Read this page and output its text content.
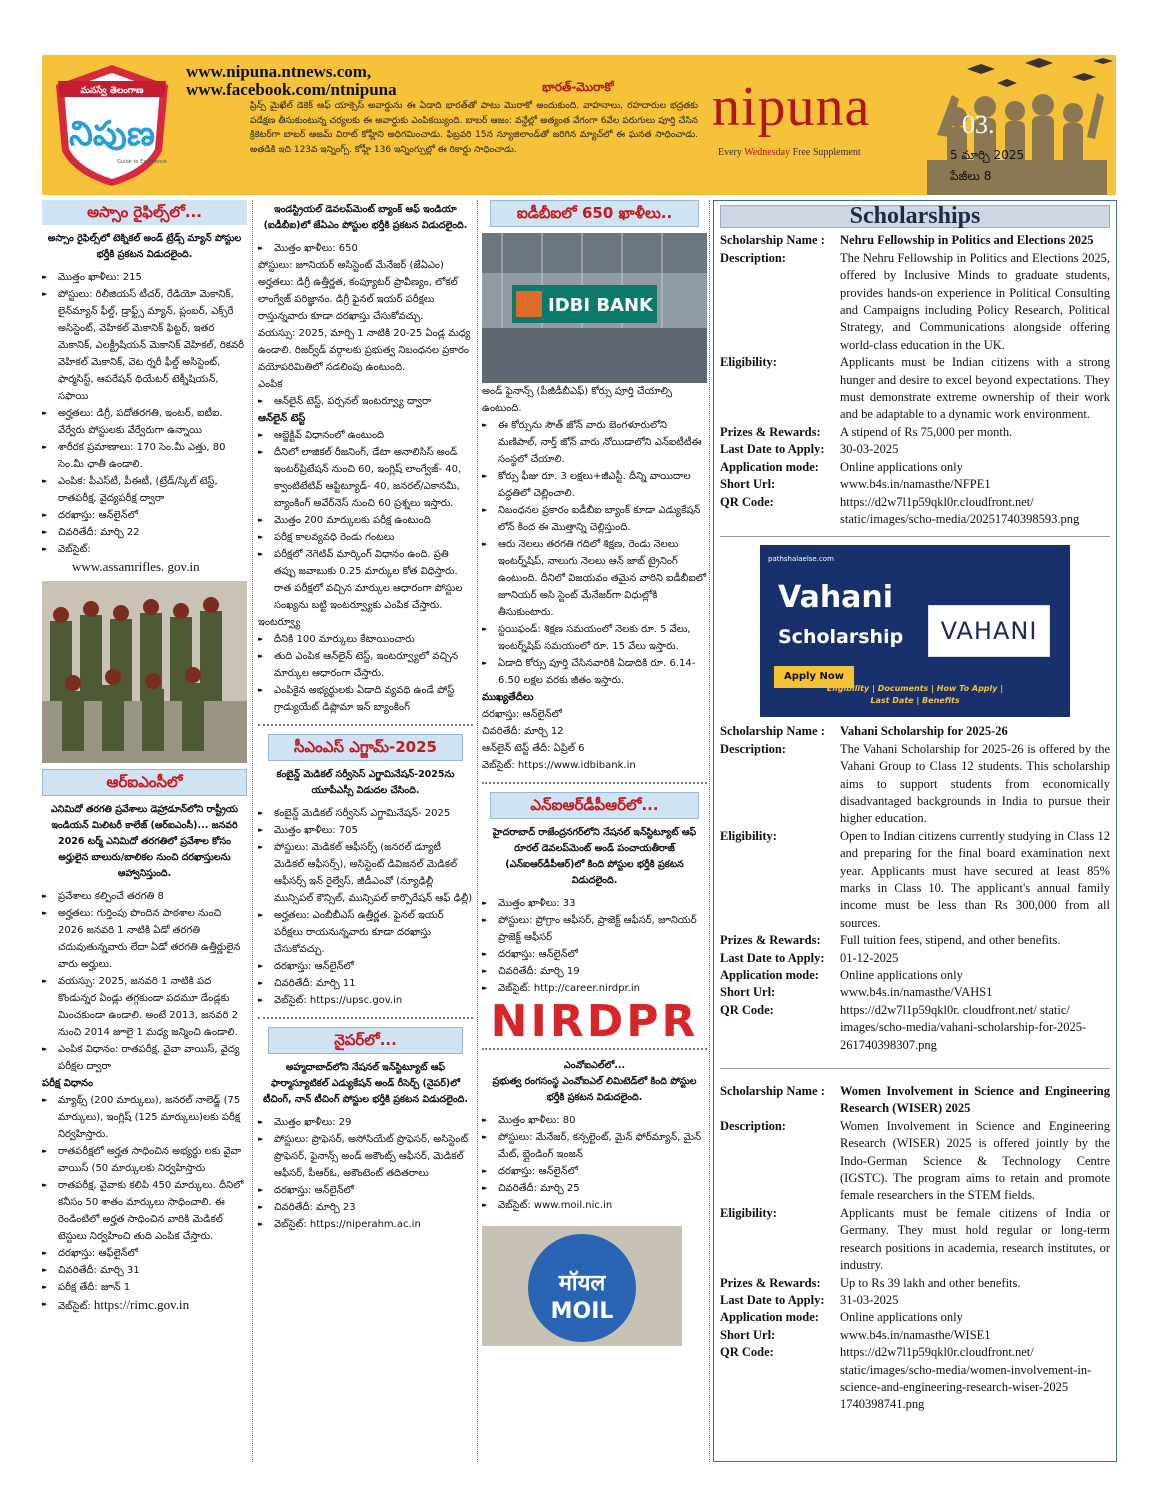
మనస్వే తెలంగాణ
నిపుణ
Guide to Excellence
www.nipuna.ntnews.com,
www.facebook.com/ntnipuna	భారత్-మొరాకో
ప్రిన్స్ మైఖేల్ డెకెక్ ఆఫ్ యాక్సెస్ అవార్డును ఈ ఏడాది భారత్‌తో పాటు మొరాకో అందుకుంది. వాహనాలు, రహదారుల భద్రతకు పడేక్షణ తీసుకుంటున్న చర్యలకు ఈ అవార్డుకు ఎంపికయ్యింది. బాబర్ ఆజం: వన్డేల్లో అత్యంత వేగంగా 6వేల పరుగులు పూర్తి చేసిన క్రికెటర్‌గా బాబర్ ఆజమ్ విరాట్ కోహ్లీని అధిగమించాడు. ఫిబ్రవరి 15న న్యూజిలాండ్‌తో జరిగిన మ్యాచ్‌లో ఈ ఘనత సాధించాడు. అతడికి ఇది 123వ ఇన్నింగ్స్. కోహ్లీ 136 ఇన్నింగ్సుల్లో ఈ రికార్డు సాధించాడు.
nipuna
Every Wednesday Free Supplement
03.
5 మార్చి 2025
పేజీలు 8
అస్సాం రైఫిల్స్‌లో...
అస్సాం రైఫిల్స్‌లో టెక్నికల్ అండ్ ట్రేడ్స్ మ్యాన్ పోస్టుల భర్తీకి ప్రకటన విడుదలైంది.
▸▸ మొత్తం ఖాళీలు: 215
▸▸ పోస్టులు: రిలీజియస్ టీచర్, రేడియో మెకానిక్, లైన్‌మ్యాన్ ఫీల్డ్, డ్రాఫ్ట్స్ మ్యాన్, ప్లంబర్, ఎక్స్‌రే అసిస్టెంట్, వెహికల్ మెకానిక్ ఫిట్టర్, ఇతర మెకానిక్, ఎలక్ట్రీషియన్ మెకానిక్ వెహికల్, రికవరీ వెహికల్ మెకానిక్, వెట ర్నరీ ఫీల్డ్ అసిస్టెంట్, ఫార్మసిస్ట్, ఆపరేషన్ థియేటర్ టెక్నీషియన్, సఫాయి
▸▸ అర్హతలు: డిగ్రీ, పదోతరగతి, ఇంటర్, ఐటీఐ. వేర్వేరు పోస్టులకు వేర్వేరుగా ఉన్నాయి
▸▸ శారీరక ప్రమాణాలు: 170 సెం.మీ ఎత్తు, 80 సెం.మీ ఛాతీ ఉండాలి.
▸▸ ఎంపిక: పీఎస్‌టీ, పీఈటీ, (ట్రేడ్/స్కిల్ టెస్ట్, రాతపరీక్ష, వైద్యపరీక్ష ద్వారా
▸▸ దరఖాస్తు: ఆన్‌లైన్‌లో
▸▸ చివరితేదీ: మార్చి 22
▸▸ వెబ్‌సైట్:
www.assamrifles. gov.in
ఆర్‌ఐఎంసీలో
ఎనిమిదో తరగతి ప్రవేశాలు డెహ్రాడూన్‌లోని రాష్ట్రీయ ఇండియన్ మిలిటరీ కాలేజ్ (ఆర్ఐఎంసీ)... జనవరి 2026 టర్మ్ ఎనిమిదో తరగతిలో ప్రవేశాల కోసం అర్హులైన బాలురు/బాలికల నుంచి దరఖాస్తులను ఆహ్వానిస్తుంది.
▸▸ ప్రవేశాలు కల్పించే తరగతి 8
▸▸ అర్హతలు: గుర్తింపు పొందిన పాఠశాల నుంచి 2026 జనవరి 1 నాటికి ఏడో తరగతి చదువుతున్నవారు లేదా ఏడో తరగతి ఉత్తీర్ణులైన వారు అర్హులు.
▸▸ వయస్సు: 2025, జనవరి 1 నాటికి పద కొండున్నర ఏండ్లు తగ్గకుండా పదమూ డేండ్లకు మించకుండా ఉండాలి. అంటే 2013, జనవరి 2 నుంచి 2014 జూలై 1 మధ్య జన్మించి ఉండాలి.
▸▸ ఎంపిక విధానం: రాతపరీక్ష, వైవా వాయిస్, వైద్య పరీక్షల ద్వారా
పరీక్ష విధానం
▸▸ మ్యాథ్స్ (200 మార్కులు), జనరల్ నాలెడ్జ్ (75 మార్కులు), ఇంగ్లిష్ (125 మార్కులు)లకు పరీక్ష నిర్వహిస్తారు.
▸▸ రాతపరీక్షలో అర్హత సాధించిన అభ్యర్థు లకు వైవా వాయిస్ (50 మార్కులకు నిర్వహిస్తారు
▸▸ రాతపరీక్ష, వైవాకు కలిపి 450 మార్కులు. దీనిలో కనీసం 50 శాతం మార్కులు సాధించాలి. ఈ రెండింటిలో అర్హత సాధించిన వారికి మెడికల్ టెస్టులు నిర్వహించి తుది ఎంపిక చేస్తారు.
▸▸ దరఖాస్తు: ఆఫ్‌లైన్‌లో
▸▸ చివరితేదీ: మార్చి 31
▸▸ పరీక్ష తేదీ: జూన్ 1
▸▸ వెబ్‌సైట్: https://rimc.gov.in
ఇండస్ట్రియల్ డెవలప్‌మెంట్ బ్యాంక్ ఆఫ్ ఇండియా (ఐడీబీఐ)లో జేఏఎం పోస్టుల భర్తీకి ప్రకటన విడుదలైంది.
▸▸ మొత్తం ఖాళీలు: 650
పోస్టులు: జూనియర్ అసిస్టెంట్ మేనేజర్ (జేఏఎం)
అర్హతలు: డిగ్రీ ఉత్తీర్ణత, కంప్యూటర్ ప్రావీణ్యం, లోకల్ లాంగ్వేజ్ పరిజ్ఞానం. డిగ్రీ ఫైనల్ ఇయర్ పరీక్షలు రాస్తున్నవారు కూడా దరఖాస్తు చేసుకోవచ్చు.
వయస్సు: 2025, మార్చి 1 నాటికి 20-25 ఏండ్ల మధ్య ఉండాలి. రిజర్వ్‌డ్ వర్గాలకు ప్రభుత్వ నిబంధనల ప్రకారం వయోపరిమితిలో సడలింపు ఉంటుంది.
ఎంపిక
▸▸ ఆన్‌లైన్ టెస్ట్, పర్సనల్ ఇంటర్వ్యూ ద్వారా
ఆన్‌లైన్ టెస్ట్
▸▸ ఆబ్జెక్టివ్ విధానంలో ఉంటుంది
▸▸ దీనిలో లాజికల్ రీజనింగ్, డేటా అనాలిసిస్ అండ్ ఇంటర్‌ప్రిటేషన్ నుంచి 60, ఇంగ్లిష్ లాంగ్వేజ్- 40, క్వాంటిటేటివ్ ఆప్టిట్యూడ్- 40, జనరల్/ఎకానమీ, బ్యాంకింగ్ అవేర్‌నెస్ నుంచి 60 ప్రశ్నలు ఇస్తారు.
▸▸ మొత్తం 200 మార్కులకు పరీక్ష ఉంటుంది
▸▸ పరీక్ష కాలవ్యవధి రెండు గంటలు
▸▸ పరీక్షలో నెగెటివ్ మార్కింగ్ విధానం ఉంది. ప్రతి తప్పు జవాబుకు 0.25 మార్కుల కోత విధిస్తారు. రాత పరీక్షలో వచ్చిన మార్కుల ఆధారంగా పోస్టుల సంఖ్యను బట్టి ఇంటర్వ్యూకు ఎంపిక చేస్తారు.
ఇంటర్వ్యూ
▸▸ దీనికి 100 మార్కులు కేటాయించారు
▸▸ తుది ఎంపిక ఆన్‌లైన్ టెస్ట్, ఇంటర్వ్యూలో వచ్చిన మార్కుల ఆధారంగా చేస్తారు.
▸▸ ఎంపికైన అభ్యర్థులకు ఏడాది వ్యవధి ఉండే పోస్ట్ గ్రాడ్యుయేట్ డిప్లొమా ఇన్ బ్యాంకింగ్
సీఎంఎస్ ఎగ్జామ్-2025
కంబైన్డ్ మెడికల్ సర్వీసెస్ ఎగ్జామినేషన్-2025ను యూపీఎస్సీ విడుదల చేసింది.
▸▸ కంబైన్డ్ మెడికల్ సర్వీసెస్ ఎగ్జామినేషన్- 2025
▸▸ మొత్తం ఖాళీలు: 705
▸▸ పోస్టులు: మెడికల్ ఆఫీసర్స్ (జనరల్ డ్యూటీ మెడికల్ ఆఫీసర్స్), అసిస్టెంట్ డివిజనల్ మెడికల్ ఆఫీసర్స్ ఇన్ రైల్వేస్, జీడీఎంవో (న్యూఢిల్లీ మున్సిపల్ కౌన్సిల్, మున్సిపల్ కార్పొరేషన్ ఆఫ్ ఢిల్లీ)
▸▸ అర్హతలు: ఎంబీబీఎస్ ఉత్తీర్ణత. ఫైనల్ ఇయర్ పరీక్షలు రాయనున్నవారు కూడా దరఖాస్తు చేసుకోవచ్చు.
▸▸ దరఖాస్తు: ఆన్‌లైన్‌లో
▸▸ చివరితేదీ: మార్చి 11
▸▸ వెబ్‌సైట్: https://upsc.gov.in
నైపర్‌లో...
అహ్మదాబాద్‌లోని నేషనల్ ఇన్‌స్టిట్యూట్ ఆఫ్ ఫార్మాస్యూటికల్ ఎడ్యుకేషన్ అండ్ రీసెర్చ్ (నైపర్)లో టీచింగ్, నాన్ టీచింగ్ పోస్టుల భర్తీకి ప్రకటన విడుదలైంది.
▸▸ మొత్తం ఖాళీలు: 29
▸▸ పోస్టులు: ప్రొఫెసర్, అసోసియేట్ ప్రొఫెసర్, అసిస్టెంట్ ప్రొఫెసర్, ఫైనాన్స్ అండ్ అకౌంట్స్ ఆఫీసర్, మెడికల్ ఆఫీసర్, పీఆర్‌ఓ, అకౌంటెంట్ తదితరాలు
▸▸ దరఖాస్తు: ఆన్‌లైన్‌లో
▸▸ చివరితేదీ: మార్చి 23
▸▸ వెబ్‌సైట్: https://niperahm.ac.in
ఐడీబీఐలో 650 ఖాళీలు..
IDBI BANK
అండ్ ఫైనాన్స్ (పీజీడీబీఎఫ్) కోర్సు పూర్తి చేయాల్సి ఉంటుంది.
▸▸ ఈ కోర్సును సౌత్ జోన్ వారు బెంగళూరులోని మణిపాల్, నార్త్ జోన్ వారు నోయిడాలోని ఎన్ఐటీటీఈ సంస్థలో చేయాలి.
▸▸ కోర్సు ఫీజు రూ. 3 లక్షలు+జీఎస్టీ. దీన్ని వాయిదాల పద్ధతిలో చెల్లించాలి.
▸▸ నిబంధనల ప్రకారం ఐడీబీఐ బ్యాంక్ కూడా ఎడ్యుకేషన్ లోన్ కింద ఈ మొత్తాన్ని చెల్లిస్తుంది.
▸▸ ఆరు నెలలు తరగతి గదిలో శిక్షణ, రెండు నెలలు ఇంటర్న్‌షిప్, నాలుగు నెలలు ఆన్ జాబ్ ట్రైనింగ్ ఉంటుంది. దీనిలో విజయవం తమైన వారిని ఐడీబీఐలో జూనియర్ అసి స్టెంట్ మేనేజర్‌గా విధుల్లోకి తీసుకుంటారు.
▸▸ స్టయిఫండ్: శిక్షణ సమయంలో నెలకు రూ. 5 వేలు, ఇంటర్న్‌షిప్ సమయంలో రూ. 15 వేలు ఇస్తారు.
▸▸ ఏడాది కోర్సు పూర్తి చేసినవారికి ఏడాదికి రూ. 6.14-6.50 లక్షల వరకు జీతం ఇస్తారు.
ముఖ్యతేదీలు
దరఖాస్తు: ఆన్‌లైన్‌లో
చివరితేదీ: మార్చి 12
ఆన్‌లైన్ టెస్ట్ తేదీ: ఏప్రిల్ 6
వెబ్‌సైట్: https://www.idbibank.in
ఎన్ఐఆర్‌డీపీఆర్‌లో...
హైదరాబాద్ రాజేంద్రనగర్‌లోని నేషనల్ ఇన్‌స్టిట్యూట్ ఆఫ్ రూరల్ డెవలప్‌మెంట్ అండ్ పంచాయతీరాజ్ (ఎన్ఐఆర్‌డీపీఆర్)లో కింది పోస్టుల భర్తీకి ప్రకటన విడుదలైంది.
▸▸ మొత్తం ఖాళీలు: 33
▸▸ పోస్టులు: ప్రోగ్రాం ఆఫీసర్, ప్రాజెక్ట్ ఆఫీసర్, జూనియర్ ప్రాజెక్ట్ ఆఫీసర్
▸▸ దరఖాస్తు: ఆన్‌లైన్‌లో
▸▸ చివరితేదీ: మార్చి 19
▸▸ వెబ్‌సైట్: http://career.nirdpr.in
NIRDPR
ఎంవోఐఎల్‌లో...
ప్రభుత్వ రంగసంస్థ ఎంవోఐఎల్ లిమిటెడ్‌లో కింది పోస్టుల భర్తీకి ప్రకటన విడుదలైంది.
▸▸ మొత్తం ఖాళీలు: 80
▸▸ పోస్టులు: మేనేజర్, కన్సల్టెంట్, మైన్ ఫోర్‌మ్యాన్, మైన్ మేట్, బ్లైండింగ్ ఇంజన్
▸▸ దరఖాస్తు: ఆన్‌లైన్‌లో
▸▸ చివరితేదీ: మార్చి 25
▸▸ వెబ్‌సైట్: www.moil.nic.in
मॉयल
MOIL
Scholarships
Scholarship Name :	Nehru Fellowship in Politics and Elections 2025
Description:	The Nehru Fellowship in Politics and Elections 2025, offered by Inclusive Minds to graduate students, provides hands-on experience in Political Consulting and Campaigns including Policy Research, Political Strategy, and Communications alongside offering world-class education in the UK.
Eligibility:	Applicants must be Indian citizens with a strong hunger and desire to excel beyond expectations. They must demonstrate extreme ownership of their work and be adaptable to a dynamic work environment.
Prizes & Rewards:	A stipend of Rs 75,000 per month.
Last Date to Apply:	30-03-2025
Application mode:	Online applications only
Short Url:	www.b4s.in/namasthe/NFPE1
QR Code:	https://d2w7l1p59qkl0r.cloudfront.net/ static/images/scho-media/20251740398593.png
pathshalaelse.com
Vahani
Scholarship	VAHANI
Apply Now
Eligibility | Documents | How To Apply |
Last Date | Benefits
Scholarship Name :	Vahani Scholarship for 2025-26
Description:	The Vahani Scholarship for 2025-26 is offered by the Vahani Group to Class 12 students. This scholarship aims to support students from economically disadvantaged backgrounds in India to pursue their higher education.
Eligibility:	Open to Indian citizens currently studying in Class 12 and preparing for the final board examination next year. Applicants must have secured at least 85% marks in Class 10. The applicant's annual family income must be less than Rs 300,000 from all sources.
Prizes & Rewards:	Full tuition fees, stipend, and other benefits.
Last Date to Apply:	01-12-2025
Application mode:	Online applications only
Short Url:	www.b4s.in/namasthe/VAHS1
QR Code:	https://d2w7l1p59qkl0r. cloudfront.net/ static/ images/scho-media/vahani-scholarship-for-2025-261740398307.png
Scholarship Name :	Women Involvement in Science and Engineering Research (WISER) 2025
Description:	Women Involvement in Science and Engineering Research (WISER) 2025 is offered jointly by the Indo-German Science & Technology Centre (IGSTC). The program aims to retain and promote female researchers in the STEM fields.
Eligibility:	Applicants must be female citizens of India or Germany. They must hold regular or long-term research positions in academia, research institutes, or industry.
Prizes & Rewards:	Up to Rs 39 lakh and other benefits.
Last Date to Apply:	31-03-2025
Application mode:	Online applications only
Short Url:	www.b4s.in/namasthe/WISE1
QR Code:	https://d2w7l1p59qkl0r.cloudfront.net/ static/images/scho-media/women-involvement-in-science-and-engineering-research-wiser-2025 1740398741.png
